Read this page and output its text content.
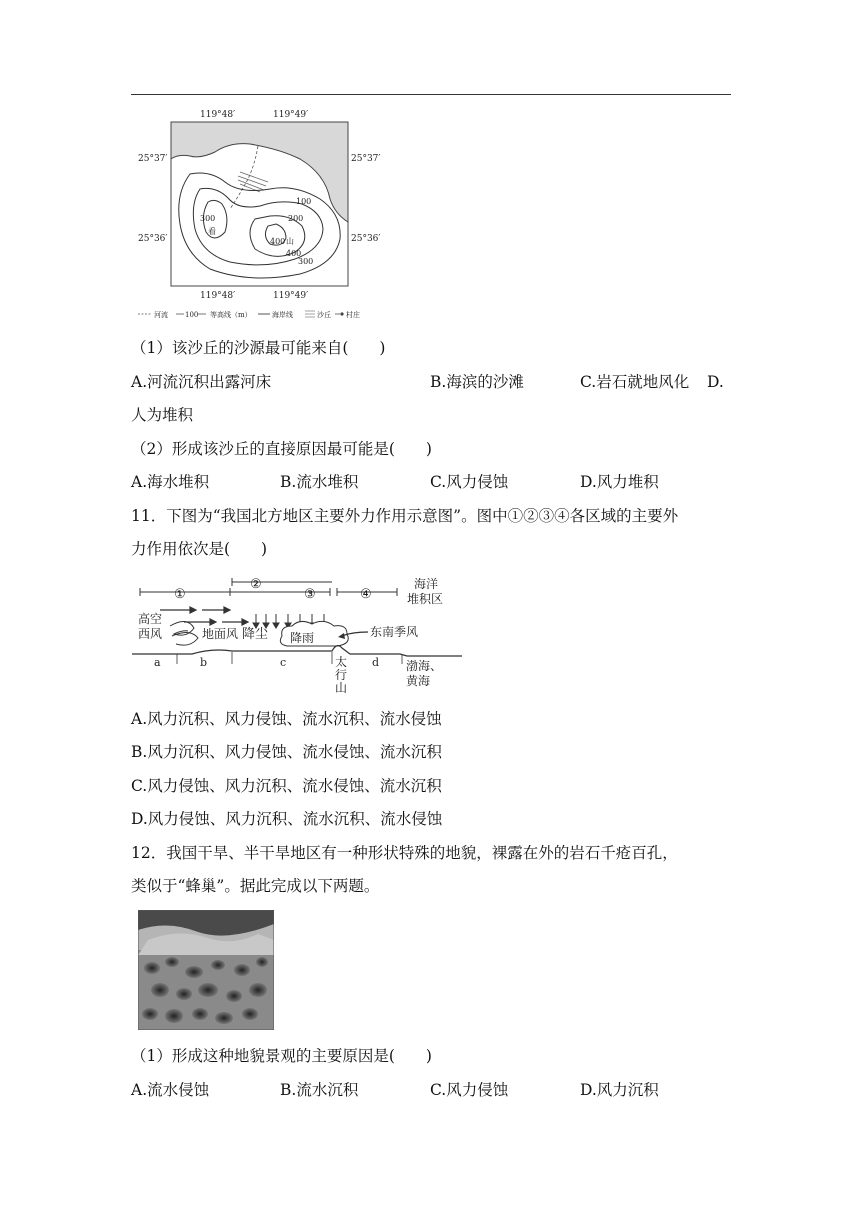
119°48′	119°49′
25°37′
25°36′
25°37′
25°36′
119°48′	119°49′
100
200
300
400
400
300
山
看
河流 100 等高线（m）	海岸线	沙丘 村庄
（1）该沙丘的沙源最可能来自(　　)
A.河流沉积出露河床	B.海滨的沙滩	C.岩石就地风化 D.
人为堆积
（2）形成该沙丘的直接原因最可能是(　　)
A.海水堆积	B.流水堆积	C.风力侵蚀	D.风力堆积
11．下图为“我国北方地区主要外力作用示意图”。图中①②③④各区域的主要外
力作用依次是(　　)
①
②
③	④
海洋
堆积区
高空
西风	地面风 降尘 降雨	东南季风
a	b	c	d
太
行
山
渤海、
黄海
A.风力沉积、风力侵蚀、流水沉积、流水侵蚀
B.风力沉积、风力侵蚀、流水侵蚀、流水沉积
C.风力侵蚀、风力沉积、流水侵蚀、流水沉积
D.风力侵蚀、风力沉积、流水沉积、流水侵蚀
12．我国干旱、半干旱地区有一种形状特殊的地貌，裸露在外的岩石千疮百孔，
类似于“蜂巢”。据此完成以下两题。
（1）形成这种地貌景观的主要原因是(　　)
A.流水侵蚀	B.流水沉积	C.风力侵蚀	D.风力沉积
